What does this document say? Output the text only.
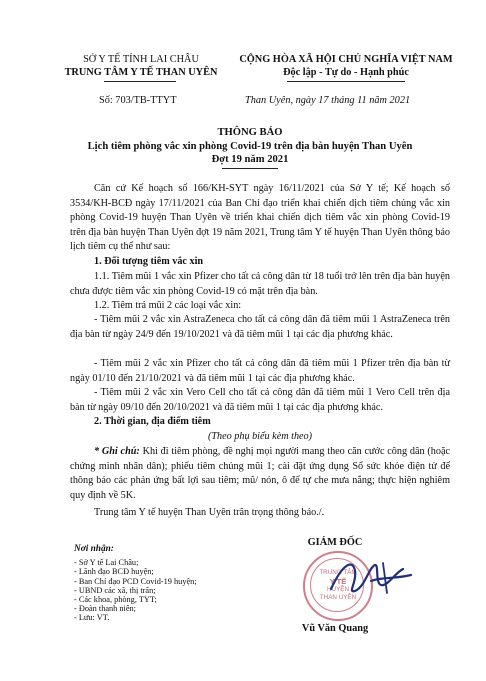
SỞ Y TẾ TỈNH LAI CHÂU
TRUNG TÂM Y TẾ THAN UYÊN
CỘNG HÒA XÃ HỘI CHỦ NGHĨA VIỆT NAM
Độc lập - Tự do - Hạnh phúc
Số: 703/TB-TTYT	Than Uyên, ngày 17 tháng 11 năm 2021
THÔNG BÁO
Lịch tiêm phòng vắc xin phòng Covid-19 trên địa bàn huyện Than Uyên
Đợt 19 năm 2021

Căn cứ Kế hoạch số 166/KH-SYT ngày 16/11/2021 của Sở Y tế; Kế hoạch số 3534/KH-BCĐ ngày 17/11/2021 của Ban Chỉ đạo triển khai chiến dịch tiêm chủng vắc xin phòng Covid-19 huyện Than Uyên về triển khai chiến dịch tiêm vắc xin phòng Covid-19 trên địa bàn huyện Than Uyên đợt 19 năm 2021, Trung tâm Y tế huyện Than Uyên thông báo lịch tiêm cụ thể như sau:

1. Đối tượng tiêm vắc xin

1.1. Tiêm mũi 1 vắc xin Pfizer cho tất cả công dân từ 18 tuổi trở lên trên địa bàn huyện chưa được tiêm vắc xin phòng Covid-19 có mặt trên địa bàn.

1.2. Tiêm trả mũi 2 các loại vắc xin:

- Tiêm mũi 2 vắc xin AstraZeneca cho tất cả công dân đã tiêm mũi 1 AstraZeneca trên địa bàn từ ngày 24/9 đến 19/10/2021 và đã tiêm mũi 1 tại các địa phương khác.

- Tiêm mũi 2 vắc xin Pfizer cho tất cả công dân đã tiêm mũi 1 Pfizer trên địa bàn từ ngày 01/10 đến 21/10/2021 và đã tiêm mũi 1 tại các địa phương khác.

- Tiêm mũi 2 vắc xin Vero Cell cho tất cả công dân đã tiêm mũi 1 Vero Cell trên địa bàn từ ngày 09/10 đến 20/10/2021 và đã tiêm mũi 1 tại các địa phương khác.

2. Thời gian, địa điểm tiêm

(Theo phụ biểu kèm theo)

* Ghi chú: Khi đi tiêm phòng, đề nghị mọi người mang theo căn cước công dân (hoặc chứng minh nhân dân); phiếu tiêm chủng mũi 1; cài đặt ứng dụng Sổ sức khỏe điện tử để thông báo các phản ứng bất lợi sau tiêm; mũ/ nón, ô để tự che mưa nắng; thực hiện nghiêm quy định về 5K.

Trung tâm Y tế huyện Than Uyên trân trọng thông báo./.

Nơi nhận:
- Sở Y tế Lai Châu;
- Lãnh đạo BCĐ huyện;
- Ban Chỉ đạo PCD Covid-19 huyện;
- UBND các xã, thị trấn;
- Các khoa, phòng, TYT;
- Đoàn thanh niên;
- Lưu: VT.
GIÁM ĐỐC
TRUNG TÂM
Y TẾ
HUYỆN
THAN UYÊN
Vũ Văn Quang
